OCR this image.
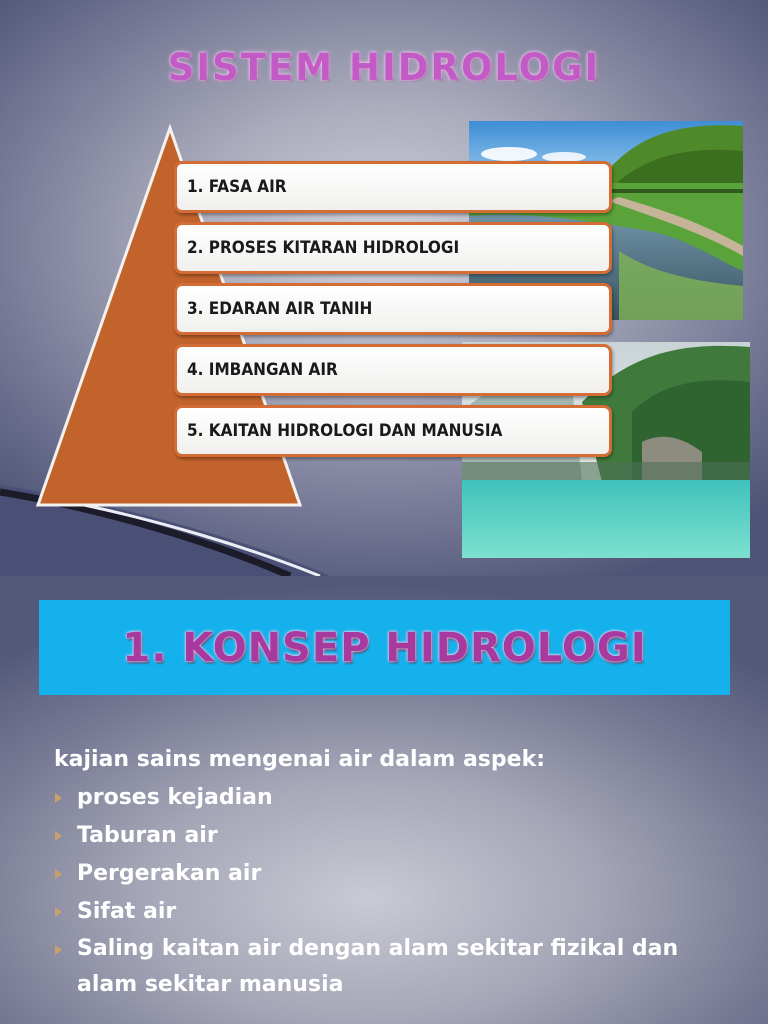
SISTEM HIDROLOGI
1. FASA AIR
2. PROSES KITARAN HIDROLOGI
3. EDARAN AIR TANIH
4. IMBANGAN AIR
5. KAITAN HIDROLOGI DAN MANUSIA
1. KONSEP HIDROLOGI
kajian sains mengenai air dalam aspek:
proses kejadian
Taburan air
Pergerakan air
Sifat air
Saling kaitan air dengan alam sekitar fizikal dan alam sekitar manusia
